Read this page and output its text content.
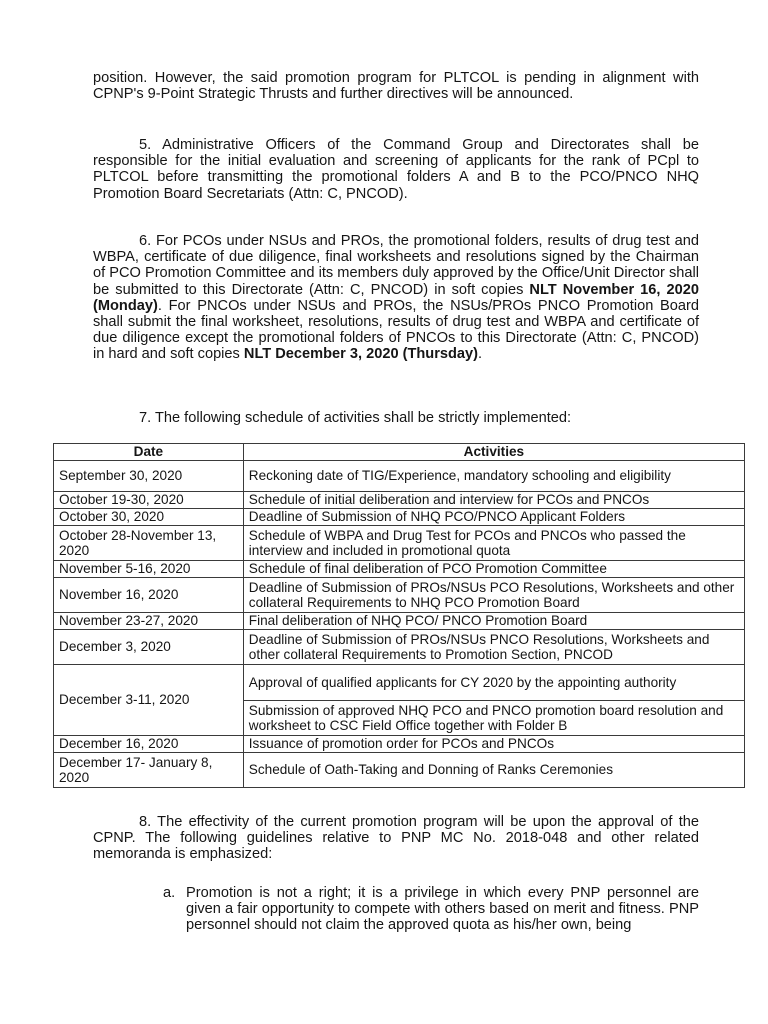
position. However, the said promotion program for PLTCOL is pending in alignment with CPNP's 9-Point Strategic Thrusts and further directives will be announced.

5. Administrative Officers of the Command Group and Directorates shall be responsible for the initial evaluation and screening of applicants for the rank of PCpl to PLTCOL before transmitting the promotional folders A and B to the PCO/PNCO NHQ Promotion Board Secretariats (Attn: C, PNCOD).

6. For PCOs under NSUs and PROs, the promotional folders, results of drug test and WBPA, certificate of due diligence, final worksheets and resolutions signed by the Chairman of PCO Promotion Committee and its members duly approved by the Office/Unit Director shall be submitted to this Directorate (Attn: C, PNCOD) in soft copies NLT November 16, 2020 (Monday). For PNCOs under NSUs and PROs, the NSUs/PROs PNCO Promotion Board shall submit the final worksheet, resolutions, results of drug test and WBPA and certificate of due diligence except the promotional folders of PNCOs to this Directorate (Attn: C, PNCOD) in hard and soft copies NLT December 3, 2020 (Thursday).

7. The following schedule of activities shall be strictly implemented:

Date	Activities
September 30, 2020	Reckoning date of TIG/Experience, mandatory schooling and eligibility
October 19-30, 2020	Schedule of initial deliberation and interview for PCOs and PNCOs
October 30, 2020	Deadline of Submission of NHQ PCO/PNCO Applicant Folders
October 28-November 13, 2020	Schedule of WBPA and Drug Test for PCOs and PNCOs who passed the interview and included in promotional quota
November 5-16, 2020	Schedule of final deliberation of PCO Promotion Committee
November 16, 2020	Deadline of Submission of PROs/NSUs PCO Resolutions, Worksheets and other collateral Requirements to NHQ PCO Promotion Board
November 23-27, 2020	Final deliberation of NHQ PCO/ PNCO Promotion Board
December 3, 2020	Deadline of Submission of PROs/NSUs PNCO Resolutions, Worksheets and other collateral Requirements to Promotion Section, PNCOD
December 3-11, 2020	Approval of qualified applicants for CY 2020 by the appointing authority
	Submission of approved NHQ PCO and PNCO promotion board resolution and worksheet to CSC Field Office together with Folder B
December 16, 2020	Issuance of promotion order for PCOs and PNCOs
December 17- January 8, 2020	Schedule of Oath-Taking and Donning of Ranks Ceremonies

8. The effectivity of the current promotion program will be upon the approval of the CPNP. The following guidelines relative to PNP MC No. 2018-048 and other related memoranda is emphasized:

a. Promotion is not a right; it is a privilege in which every PNP personnel are given a fair opportunity to compete with others based on merit and fitness. PNP personnel should not claim the approved quota as his/her own, being
